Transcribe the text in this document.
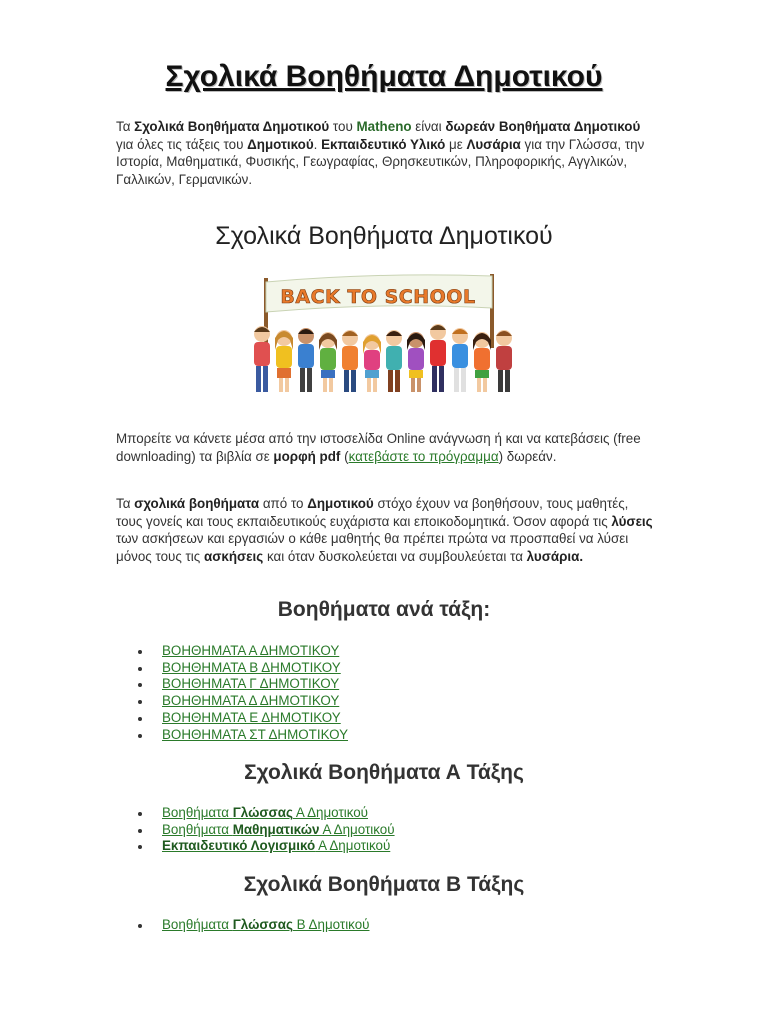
Σχολικά Βοηθήματα Δημοτικού
Τα Σχολικά Βοηθήματα Δημοτικού του Matheno είναι δωρεάν Βοηθήματα Δημοτικού για όλες τις τάξεις του Δημοτικού. Εκπαιδευτικό Υλικό με Λυσάρια για την Γλώσσα, την Ιστορία, Μαθηματικά, Φυσικής, Γεωγραφίας, Θρησκευτικών, Πληροφορικής, Αγγλικών, Γαλλικών, Γερμανικών.
Σχολικά Βοηθήματα Δημοτικού
BACK TO SCHOOL
Μπορείτε να κάνετε μέσα από την ιστοσελίδα Online ανάγνωση ή και να κατεβάσεις (free downloading) τα βιβλία σε μορφή pdf (κατεβάστε το πρόγραμμα) δωρεάν.
Τα σχολικά βοηθήματα από το Δημοτικού στόχο έχουν να βοηθήσουν, τους μαθητές, τους γονείς και τους εκπαιδευτικούς ευχάριστα και εποικοδομητικά. Όσον αφορά τις λύσεις των ασκήσεων και εργασιών ο κάθε μαθητής θα πρέπει πρώτα να προσπαθεί να λύσει μόνος τους τις ασκήσεις και όταν δυσκολεύεται να συμβουλεύεται τα λυσάρια.
Βοηθήματα ανά τάξη:
ΒΟΗΘΗΜΑΤΑ Α ΔΗΜΟΤΙΚΟΥ
ΒΟΗΘΗΜΑΤΑ Β ΔΗΜΟΤΙΚΟΥ
ΒΟΗΘΗΜΑΤΑ Γ ΔΗΜΟΤΙΚΟΥ
ΒΟΗΘΗΜΑΤΑ Δ ΔΗΜΟΤΙΚΟΥ
ΒΟΗΘΗΜΑΤΑ Ε ΔΗΜΟΤΙΚΟΥ
ΒΟΗΘΗΜΑΤΑ ΣΤ ΔΗΜΟΤΙΚΟΥ
Σχολικά Βοηθήματα Α Τάξης
Βοηθήματα Γλώσσας Α Δημοτικού
Βοηθήματα Μαθηματικών Α Δημοτικού
Εκπαιδευτικό Λογισμικό Α Δημοτικού
Σχολικά Βοηθήματα Β Τάξης
Βοηθήματα Γλώσσας Β Δημοτικού
